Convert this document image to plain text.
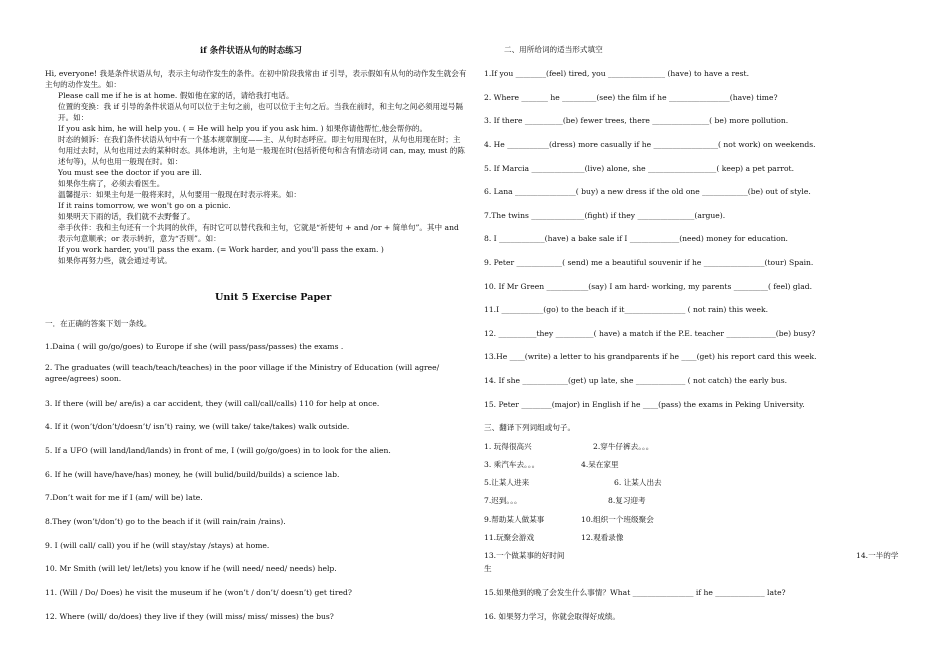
if 条件状语从句的时态练习

Hi, everyone! 我是条件状语从句，表示主句动作发生的条件。在初中阶段我常由 if 引导，表示假如有从句的动作发生就会有主句的动作发生。如：

Please call me if he is at home. 假如他在家的话，请给我打电话。

位置的变换：我 if 引导的条件状语从句可以位于主句之前，也可以位于主句之后。当我在前时，和主句之间必须用逗号隔开。如：

If you ask him, he will help you. ( = He will help you if you ask him. ) 如果你请他帮忙,他会帮你的。

时态的倾诉：在我们条件状语从句中有一个基本规章制度——主、从句时态呼应。即主句用现在时，从句也用现在时；主句用过去时，从句也用过去的某种时态。具体地讲，主句是一般现在时(包括祈使句和含有情态动词 can, may, must 的陈述句等)，从句也用一般现在时。如：

You must see the doctor if you are ill.

如果你生病了，必须去看医生。

温馨提示：如果主句是一般将来时，从句要用一般现在时表示将来。如：

If it rains tomorrow, we won't go on a picnic.

如果明天下雨的话，我们就不去野餐了。

牵手伙伴：我和主句还有一个共同的伙伴，有时它可以替代我和主句，它就是“祈使句 + and /or + 简单句”。其中 and 表示句意顺承；or 表示转折，意为“否则”。如：

If you work harder, you'll pass the exam. (= Work harder, and you'll pass the exam. )

如果你再努力些，就会通过考试。

Unit 5 Exercise Paper

一．在正确的答案下划一条线。

1.Daina ( will go/go/goes) to Europe if she (will pass/pass/passes) the exams .

2. The graduates (will teach/teach/teaches) in the poor village if the Ministry of Education (will agree/ agree/agrees) soon.

3. If there (will be/ are/is) a car accident, they (will call/call/calls) 110 for help at once.

4. If it (won’t/don’t/doesn’t/ isn’t) rainy, we (will take/ take/takes) walk outside.

5. If a UFO (will land/land/lands) in front of me, I (will go/go/goes) in to look for the alien.

6. If he (will have/have/has) money, he (will bulid/build/builds) a science lab.

7.Don’t wait for me if I (am/ will be) late.

8.They (won’t/don’t) go to the beach if it (will rain/rain /rains).

9. I (will call/ call) you if he (will stay/stay /stays) at home.

10. Mr Smith (will let/ let/lets) you know if he (will need/ need/ needs) help.

11. (Will / Do/ Does) he visit the museum if he (won’t / don’t/ doesn’t) get tired?

12. Where (will/ do/does) they live if they (will miss/ miss/ misses) the bus?

二、用所给词的适当形式填空

1.If you ________(feel) tired, you _______________ (have) to have a rest.

2. Where _______ he _________(see) the film if he ________________(have) time?

3. If there __________(be) fewer trees, there _______________( be) more pollution.

4. He ___________(dress) more casually if he _________________( not work) on weekends.

5. If Marcia ______________(live) alone, she __________________( keep) a pet parrot.

6. Lana ________________( buy) a new dress if the old one ____________(be) out of style.

7.The twins ______________(fight) if they _______________(argue).

8. I ____________(have) a bake sale if I _____________(need) money for education.

9. Peter ____________( send) me a beautiful souvenir if he ________________(tour) Spain.

10. If Mr Green ___________(say) I am hard- working, my parents _________( feel) glad.

11.I ___________(go) to the beach if it________________ ( not rain) this week.

12. __________they __________( have) a match if the P.E. teacher _____________(be) busy?

13.He ____(write) a letter to his grandparents if he ____(get) his report card this week.

14. If she ____________(get) up late, she _____________ ( not catch) the early bus.

15. Peter ________(major) in English if he ____(pass) the exams in Peking University.

三、翻译下列词组或句子。

1. 玩得很高兴	2.穿牛仔裤去。。。

3. 乘汽车去。。。	4.呆在家里

5.让某人进来	6. 让某人出去

7.迟到。。。	8.复习迎考

9.帮助某人做某事	10.组织一个班级聚会

11.玩聚会游戏	12.观看录像

13.一个做某事的好时间	14.一半的学

生

15.如果他到的晚了会发生什么事情？What ________________ if he _____________ late?

16. 如果努力学习，你就会取得好成绩。
